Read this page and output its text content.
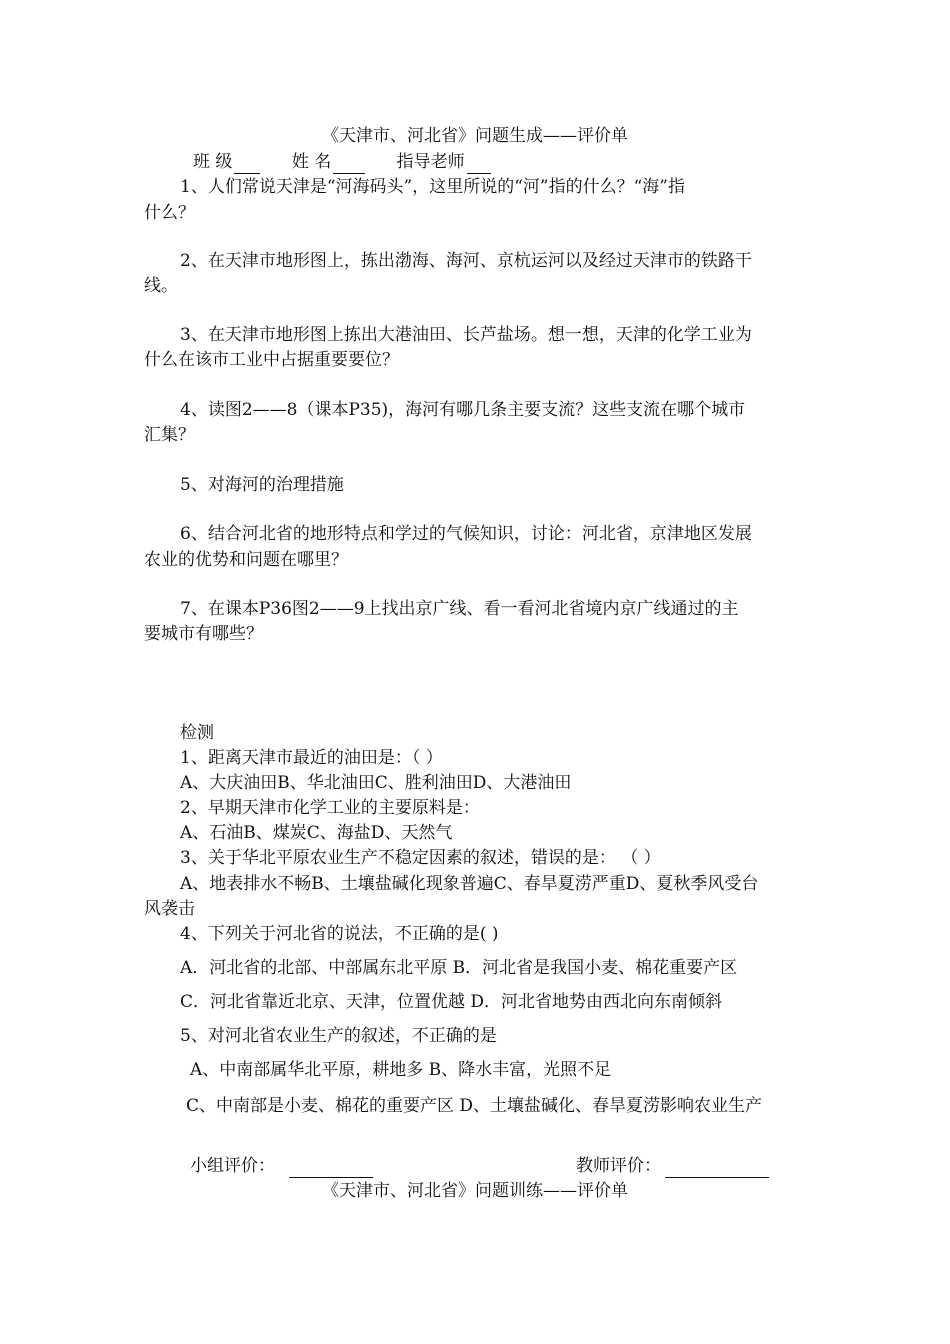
《天津市、河北省》问题生成——评价单
班 级	姓 名	指导老师
1、人们常说天津是“河海码头”，这里所说的“河”指的什么？“海”指
什么？
2、在天津市地形图上，拣出渤海、海河、京杭运河以及经过天津市的铁路干
线。
3、在天津市地形图上拣出大港油田、长芦盐场。想一想，天津的化学工业为
什么在该市工业中占据重要要位？
4、读图2——8（课本P35)，海河有哪几条主要支流？这些支流在哪个城市
汇集？
5、对海河的治理措施
6、结合河北省的地形特点和学过的气候知识，讨论：河北省，京津地区发展
农业的优势和问题在哪里？
7、在课本P36图2——9上找出京广线、看一看河北省境内京广线通过的主
要城市有哪些？
检测
1、距离天津市最近的油田是：（ ）
A、大庆油田B、华北油田C、胜利油田D、大港油田
2、早期天津市化学工业的主要原料是：
A、石油B、煤炭C、海盐D、天然气
3、关于华北平原农业生产不稳定因素的叙述，错误的是： （ ）
A、地表排水不畅B、土壤盐碱化现象普遍C、春旱夏涝严重D、夏秋季风受台
风袭击
4、下列关于河北省的说法，不正确的是( )
A．河北省的北部、中部属东北平原 B．河北省是我国小麦、棉花重要产区
C．河北省靠近北京、天津，位置优越 D．河北省地势由西北向东南倾斜
5、对河北省农业生产的叙述，不正确的是
A、中南部属华北平原，耕地多 B、降水丰富，光照不足
C、中南部是小麦、棉花的重要产区 D、土壤盐碱化、春旱夏涝影响农业生产
小组评价：	教师评价：
《天津市、河北省》问题训练——评价单
